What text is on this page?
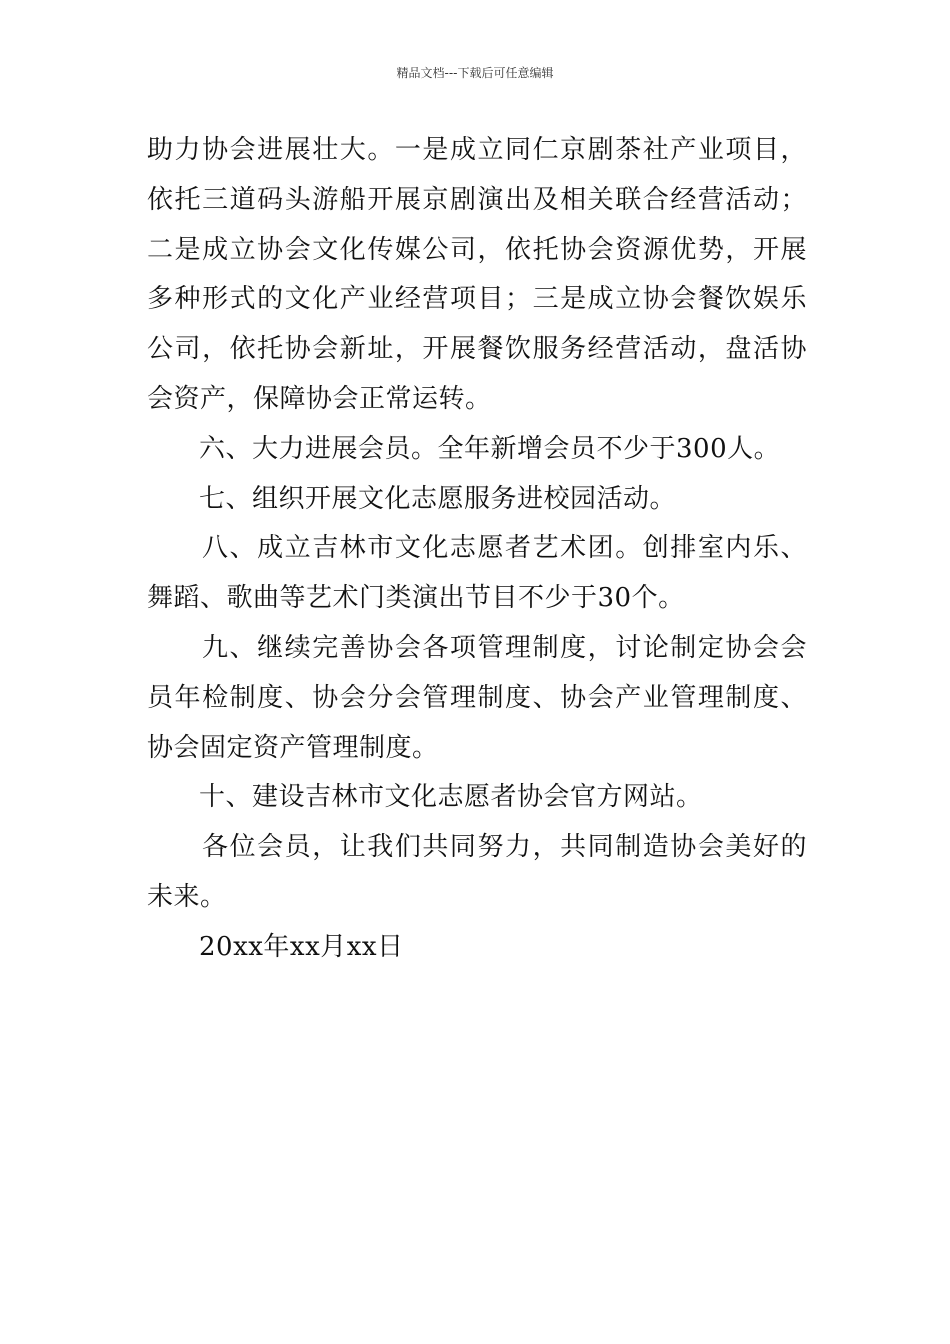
精品文档---下载后可任意编辑

助力协会进展壮大。一是成立同仁京剧茶社产业项目，依托三道码头游船开展京剧演出及相关联合经营活动；二是成立协会文化传媒公司，依托协会资源优势，开展多种形式的文化产业经营项目；三是成立协会餐饮娱乐公司，依托协会新址，开展餐饮服务经营活动，盘活协会资产，保障协会正常运转。

六、大力进展会员。全年新增会员不少于300人。

七、组织开展文化志愿服务进校园活动。

八、成立吉林市文化志愿者艺术团。创排室内乐、舞蹈、歌曲等艺术门类演出节目不少于30个。

九、继续完善协会各项管理制度，讨论制定协会会员年检制度、协会分会管理制度、协会产业管理制度、协会固定资产管理制度。

十、建设吉林市文化志愿者协会官方网站。

各位会员，让我们共同努力，共同制造协会美好的未来。

20xx年xx月xx日
